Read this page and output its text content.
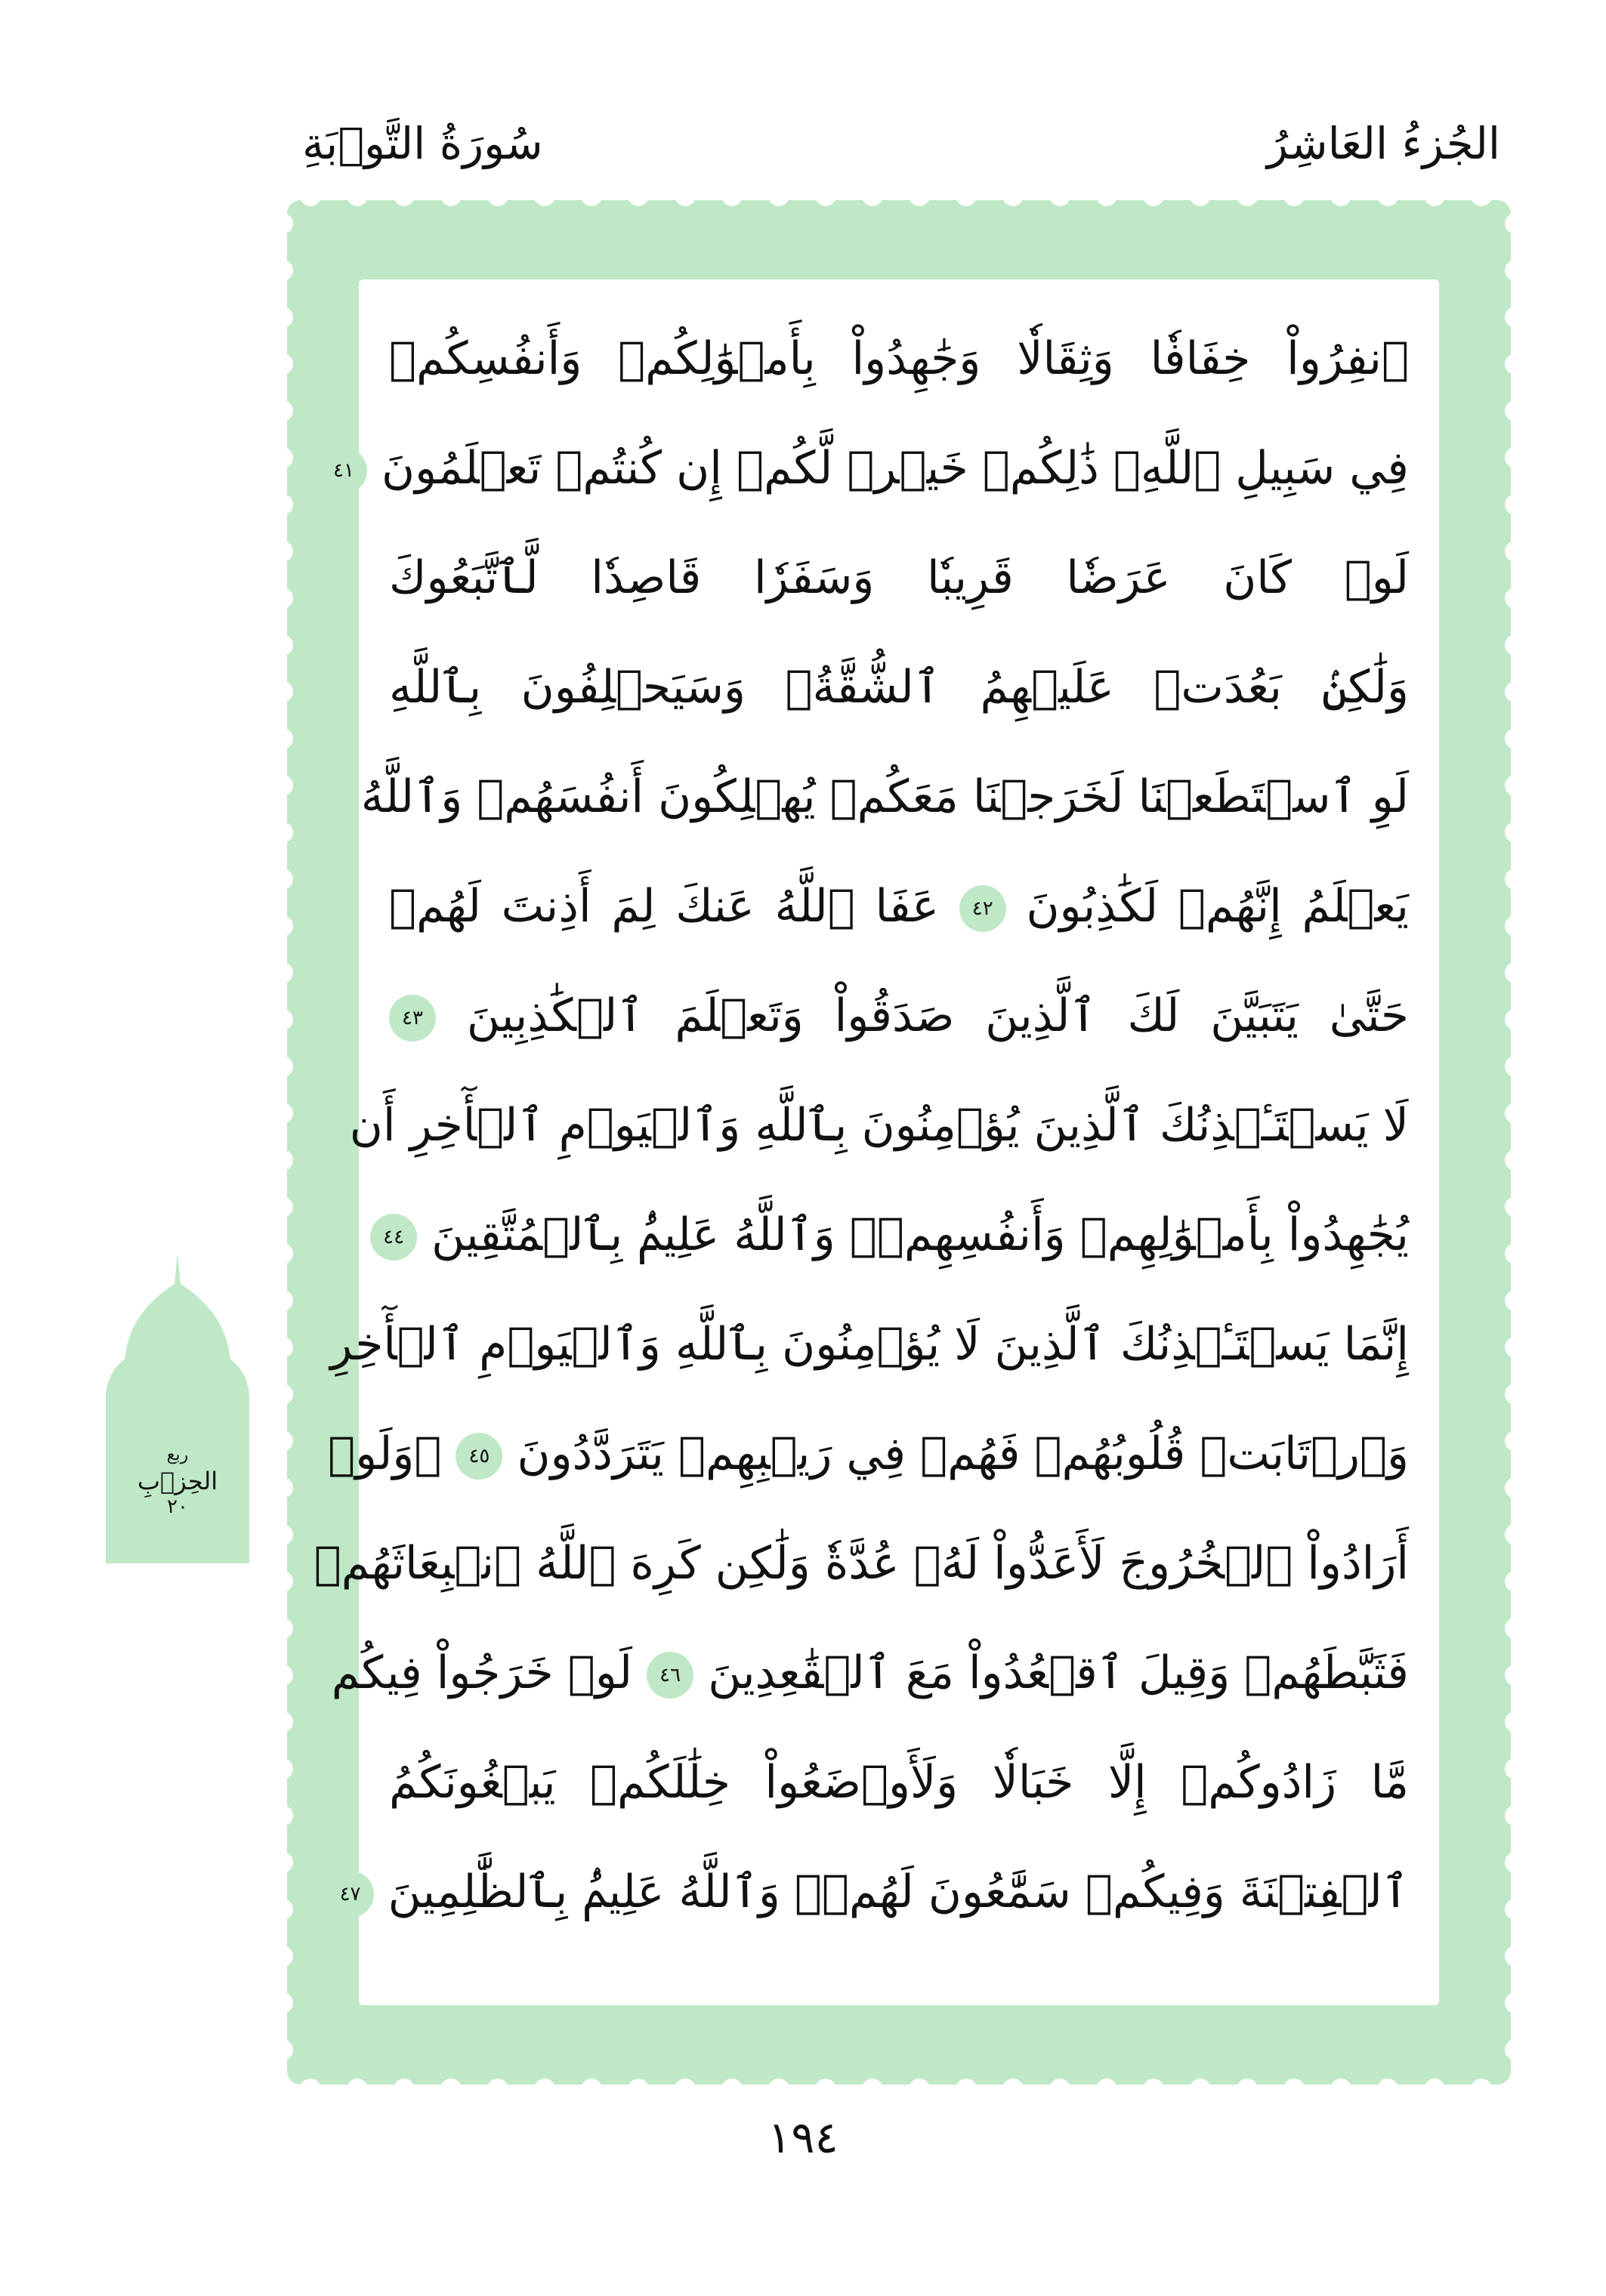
الجُزءُ العَاشِرُ
سُورَةُ التَّوۡبَةِ
ٱنفِرُواْ خِفَافٗا وَثِقَالٗا وَجَٰهِدُواْ بِأَمۡوَٰلِكُمۡ وَأَنفُسِكُمۡ
فِي سَبِيلِ ٱللَّهِۚ ذَٰلِكُمۡ خَيۡرٞ لَّكُمۡ إِن كُنتُمۡ تَعۡلَمُونَ ٤١
لَوۡ كَانَ عَرَضٗا قَرِيبٗا وَسَفَرٗا قَاصِدٗا لَّٱتَّبَعُوكَ
وَلَٰكِنۢ بَعُدَتۡ عَلَيۡهِمُ ٱلشُّقَّةُۚ وَسَيَحۡلِفُونَ بِٱللَّهِ
لَوِ ٱسۡتَطَعۡنَا لَخَرَجۡنَا مَعَكُمۡ يُهۡلِكُونَ أَنفُسَهُمۡ وَٱللَّهُ
يَعۡلَمُ إِنَّهُمۡ لَكَٰذِبُونَ ٤٢ عَفَا ٱللَّهُ عَنكَ لِمَ أَذِنتَ لَهُمۡ
حَتَّىٰ يَتَبَيَّنَ لَكَ ٱلَّذِينَ صَدَقُواْ وَتَعۡلَمَ ٱلۡكَٰذِبِينَ ٤٣
لَا يَسۡتَـٔۡذِنُكَ ٱلَّذِينَ يُؤۡمِنُونَ بِٱللَّهِ وَٱلۡيَوۡمِ ٱلۡأٓخِرِ أَن
يُجَٰهِدُواْ بِأَمۡوَٰلِهِمۡ وَأَنفُسِهِمۡۗ وَٱللَّهُ عَلِيمُۢ بِٱلۡمُتَّقِينَ ٤٤
إِنَّمَا يَسۡتَـٔۡذِنُكَ ٱلَّذِينَ لَا يُؤۡمِنُونَ بِٱللَّهِ وَٱلۡيَوۡمِ ٱلۡأٓخِرِ
وَٱرۡتَابَتۡ قُلُوبُهُمۡ فَهُمۡ فِي رَيۡبِهِمۡ يَتَرَدَّدُونَ ٤٥ ۞وَلَوۡ
أَرَادُواْ ٱلۡخُرُوجَ لَأَعَدُّواْ لَهُۥ عُدَّةٗ وَلَٰكِن كَرِهَ ٱللَّهُ ٱنۢبِعَاثَهُمۡ
فَثَبَّطَهُمۡ وَقِيلَ ٱقۡعُدُواْ مَعَ ٱلۡقَٰعِدِينَ ٤٦ لَوۡ خَرَجُواْ فِيكُم
مَّا زَادُوكُمۡ إِلَّا خَبَالٗا وَلَأَوۡضَعُواْ خِلَٰلَكُمۡ يَبۡغُونَكُمُ
ٱلۡفِتۡنَةَ وَفِيكُمۡ سَمَّٰعُونَ لَهُمۡۗ وَٱللَّهُ عَلِيمُۢ بِٱلظَّٰلِمِينَ ٤٧
ربع
الحِزۡبِ
٢٠
١٩٤
